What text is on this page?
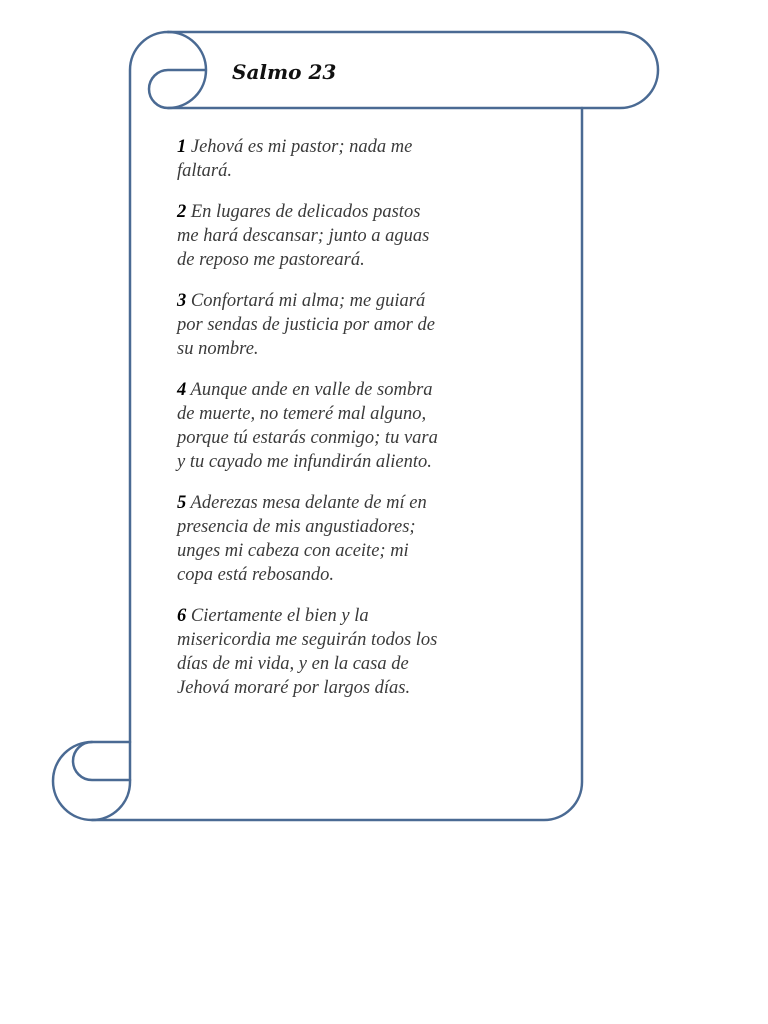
Salmo 23

1 Jehová es mi pastor; nada me faltará.

2 En lugares de delicados pastos me hará descansar; junto a aguas de reposo me pastoreará.

3 Confortará mi alma; me guiará por sendas de justicia por amor de su nombre.

4 Aunque ande en valle de sombra de muerte, no temeré mal alguno, porque tú estarás conmigo; tu vara y tu cayado me infundirán aliento.

5 Aderezas mesa delante de mí en presencia de mis angustiadores; unges mi cabeza con aceite; mi copa está rebosando.

6 Ciertamente el bien y la misericordia me seguirán todos los días de mi vida, y en la casa de Jehová moraré por largos días.
